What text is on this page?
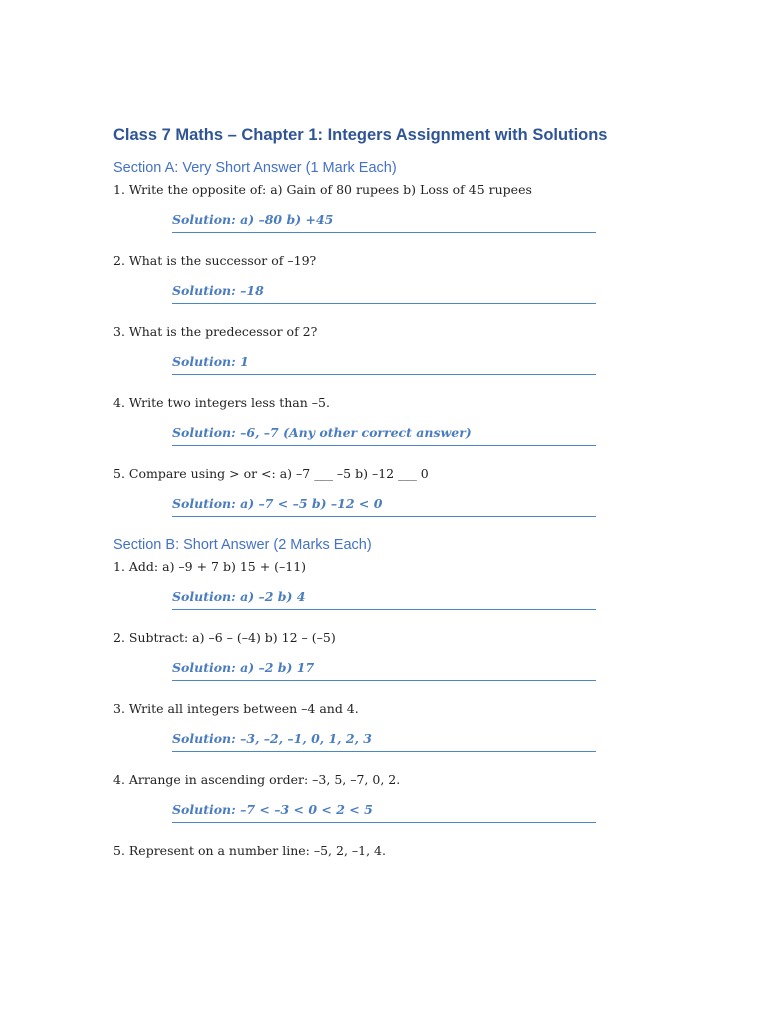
Class 7 Maths – Chapter 1: Integers Assignment with Solutions
Section A: Very Short Answer (1 Mark Each)
1. Write the opposite of: a) Gain of 80 rupees b) Loss of 45 rupees
Solution: a) –80 b) +45
2. What is the successor of –19?
Solution: –18
3. What is the predecessor of 2?
Solution: 1
4. Write two integers less than –5.
Solution: –6, –7 (Any other correct answer)
5. Compare using > or <: a) –7 ___ –5 b) –12 ___ 0
Solution: a) –7 < –5 b) –12 < 0
Section B: Short Answer (2 Marks Each)
1. Add: a) –9 + 7 b) 15 + (–11)
Solution: a) –2 b) 4
2. Subtract: a) –6 – (–4) b) 12 – (–5)
Solution: a) –2 b) 17
3. Write all integers between –4 and 4.
Solution: –3, –2, –1, 0, 1, 2, 3
4. Arrange in ascending order: –3, 5, –7, 0, 2.
Solution: –7 < –3 < 0 < 2 < 5
5. Represent on a number line: –5, 2, –1, 4.
